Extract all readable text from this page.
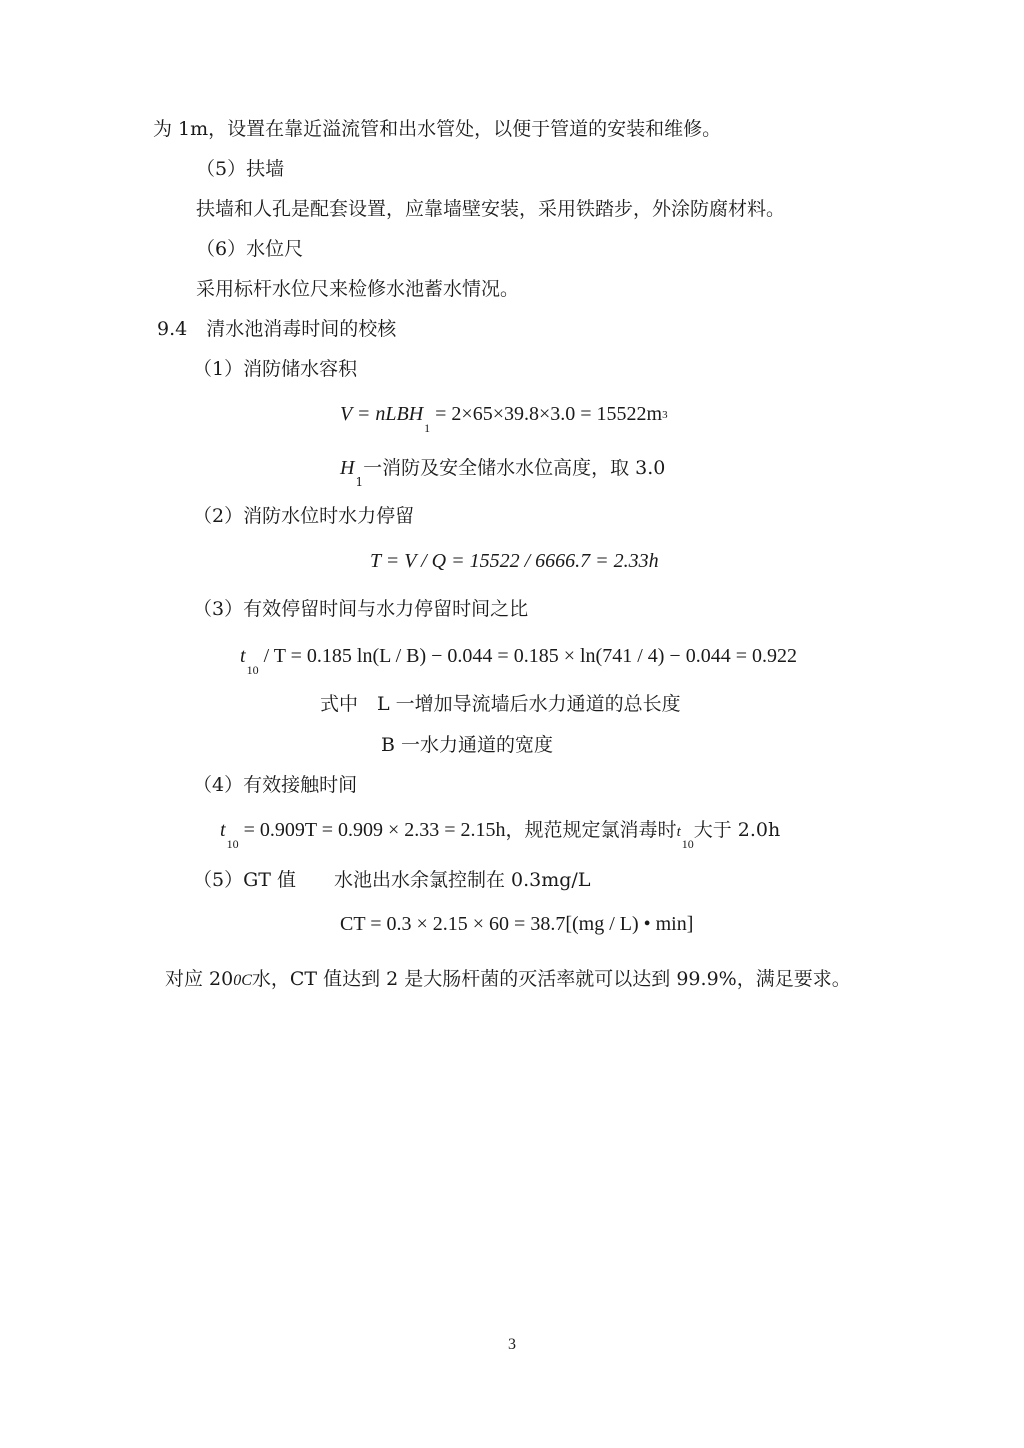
为 1m，设置在靠近溢流管和出水管处，以便于管道的安装和维修。
（5）扶墙
扶墙和人孔是配套设置，应靠墙壁安装，采用铁踏步，外涂防腐材料。
（6）水位尺
采用标杆水位尺来检修水池蓄水情况。
9.4　清水池消毒时间的校核
（1）消防储水容积
V = nLBH$_1$ = 2×65×39.8×3.0 = 15522m3
$H_1$一消防及安全储水水位高度，取 3.0
（2）消防水位时水力停留
T = V / Q = 15522 / 6666.7 = 2.33h
（3）有效停留时间与水力停留时间之比
$t_{10} / T = 0.185$ ln(L / B) − 0.044 = 0.185 × ln(741 / 4) − 0.044 = 0.922
式中　L 一增加导流墙后水力通道的总长度
B 一水力通道的宽度
（4）有效接触时间
$t_{10} = 0.909T = 0.909 \times 2.33 = 2.15h$，规范规定氯消毒时$t_{10}$大于 2.0h
（5）GT 值　　水池出水余氯控制在 0.3mg/L
CT = 0.3 × 2.15 × 60 = 38.7[(mg / L) • min]
对应 200C水，CT 值达到 2 是大肠杆菌的灭活率就可以达到 99.9%，满足要求。
3
